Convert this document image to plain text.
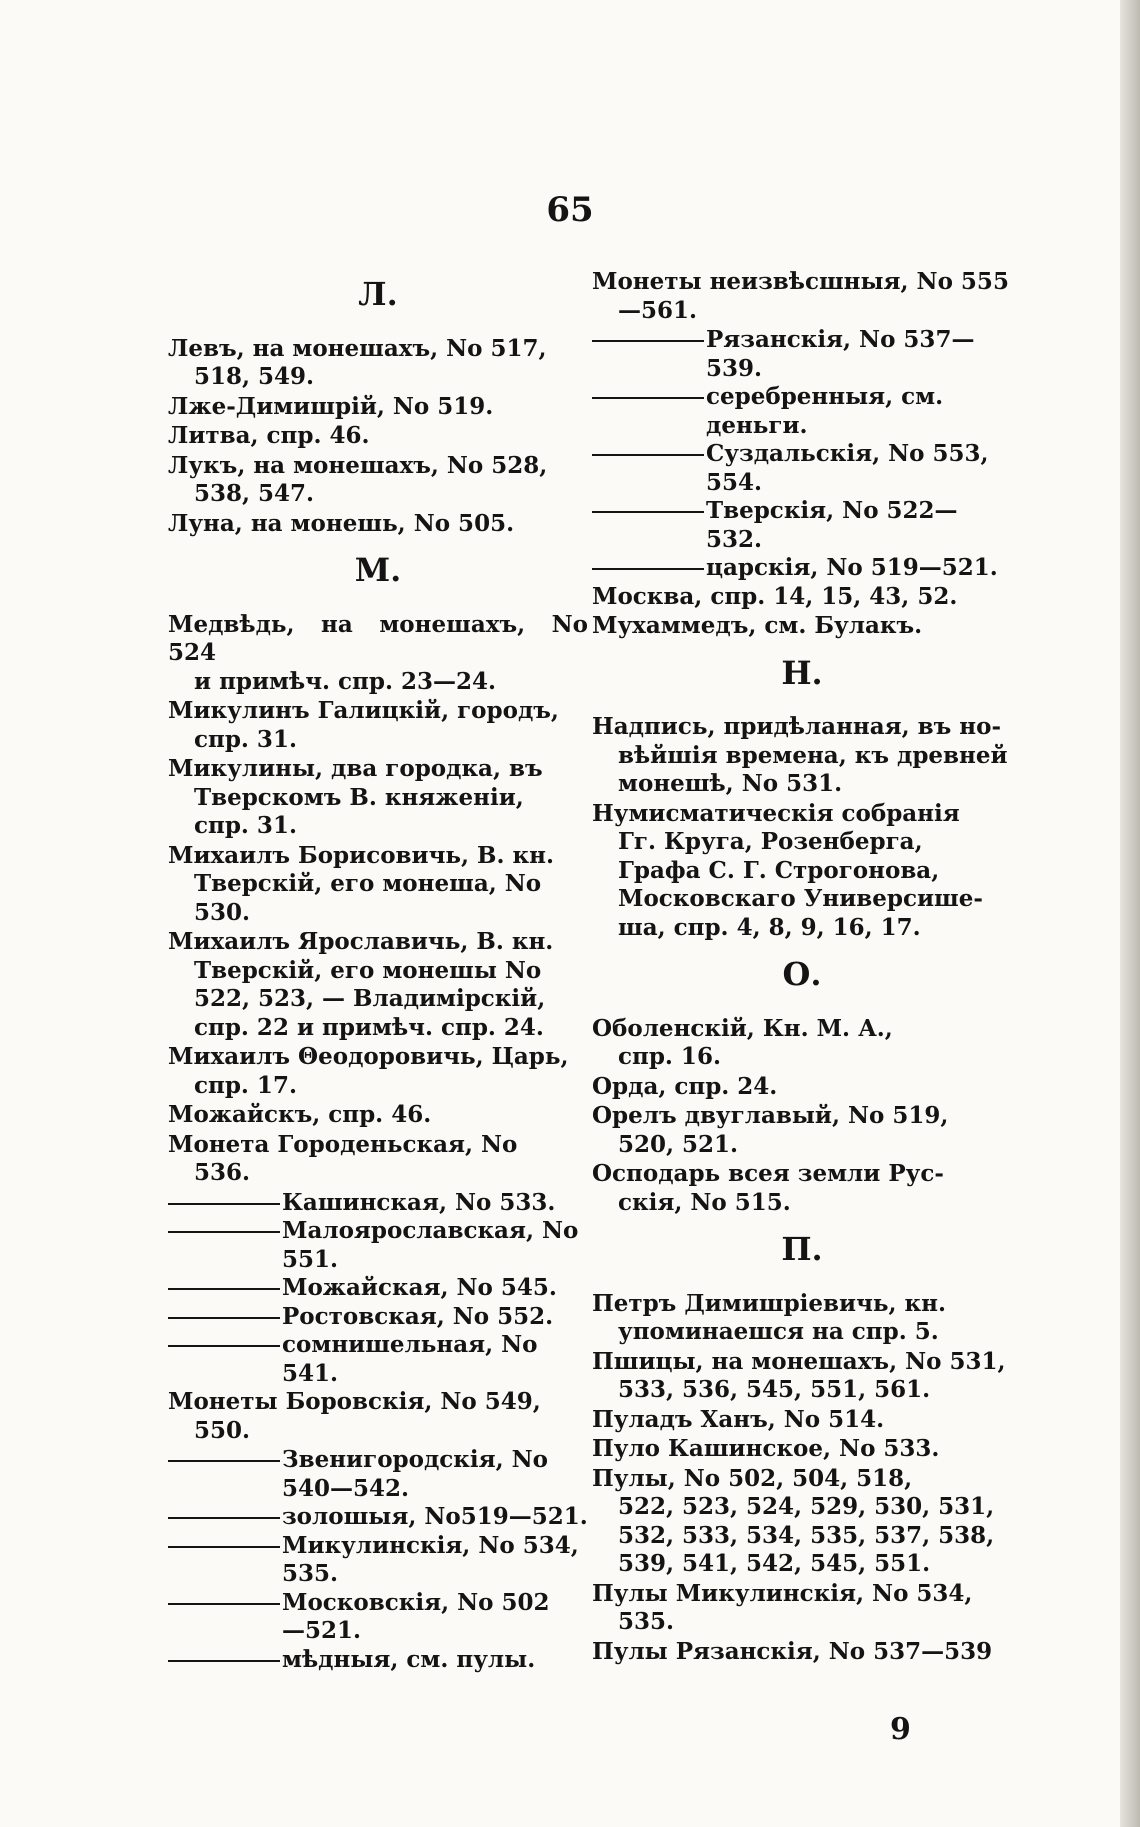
65
Л.
Левъ, на монешахъ, No 517,
518, 549.
Лже-Димишрій, No 519.
Литва, спр. 46.
Лукъ, на монешахъ, No 528,
538, 547.
Луна, на монешь, No 505.
М.
Медвѣдь, на монешахъ, No 524
и примѣч. спр. 23—24.
Микулинъ Галицкій, городъ,
спр. 31.
Микулины, два городка, въ
Тверскомъ В. княженіи,
спр. 31.
Михаилъ Борисовичь, В. кн.
Тверскій, его монеша, No
530.
Михаилъ Ярославичь, В. кн.
Тверскій, его монешы No
522, 523, — Владимірскій,
спр. 22 и примѣч. спр. 24.
Михаилъ Θеодоровичь, Царь,
спр. 17.
Можайскъ, спр. 46.
Монета Городеньская, No
536.
Кашинская, No 533.
Малоярославская, No
551.
Можайская, No 545.
Ростовская, No 552.
сомнишельная, No
541.
Монеты Боровскія, No 549,
550.
Звенигородскія, No
540—542.
золошыя, No519—521.
Микулинскія, No 534,
535.
Московскія, No 502
—521.
мѣдныя, см. пулы.
Монеты неизвѣсшныя, No 555
—561.
Рязанскія, No 537—
539.
серебренныя, см.
деньги.
Суздальскія, No 553,
554.
Тверскія, No 522—532.
царскія, No 519—521.
Москва, спр. 14, 15, 43, 52.
Мухаммедъ, см. Булакъ.
Н.
Надпись, придѣланная, въ но-
вѣйшія времена, къ древней
монешѣ, No 531.
Нумисматическія собранія
Гг. Круга, Розенберга,
Графа С. Г. Строгонова,
Московскаго Универсише-
ша, спр. 4, 8, 9, 16, 17.
О.
Оболенскій, Кн. М. А.,
спр. 16.
Орда, спр. 24.
Орелъ двуглавый, No 519,
520, 521.
Осподарь всея земли Рус-
скія, No 515.
П.
Петръ Димишріевичь, кн.
упоминаешся на спр. 5.
Пшицы, на монешахъ, No 531,
533, 536, 545, 551, 561.
Пуладъ Ханъ, No 514.
Пуло Кашинское, No 533.
Пулы, No 502, 504, 518,
522, 523, 524, 529, 530, 531,
532, 533, 534, 535, 537, 538,
539, 541, 542, 545, 551.
Пулы Микулинскія, No 534,
535.
Пулы Рязанскія, No 537—539
9
